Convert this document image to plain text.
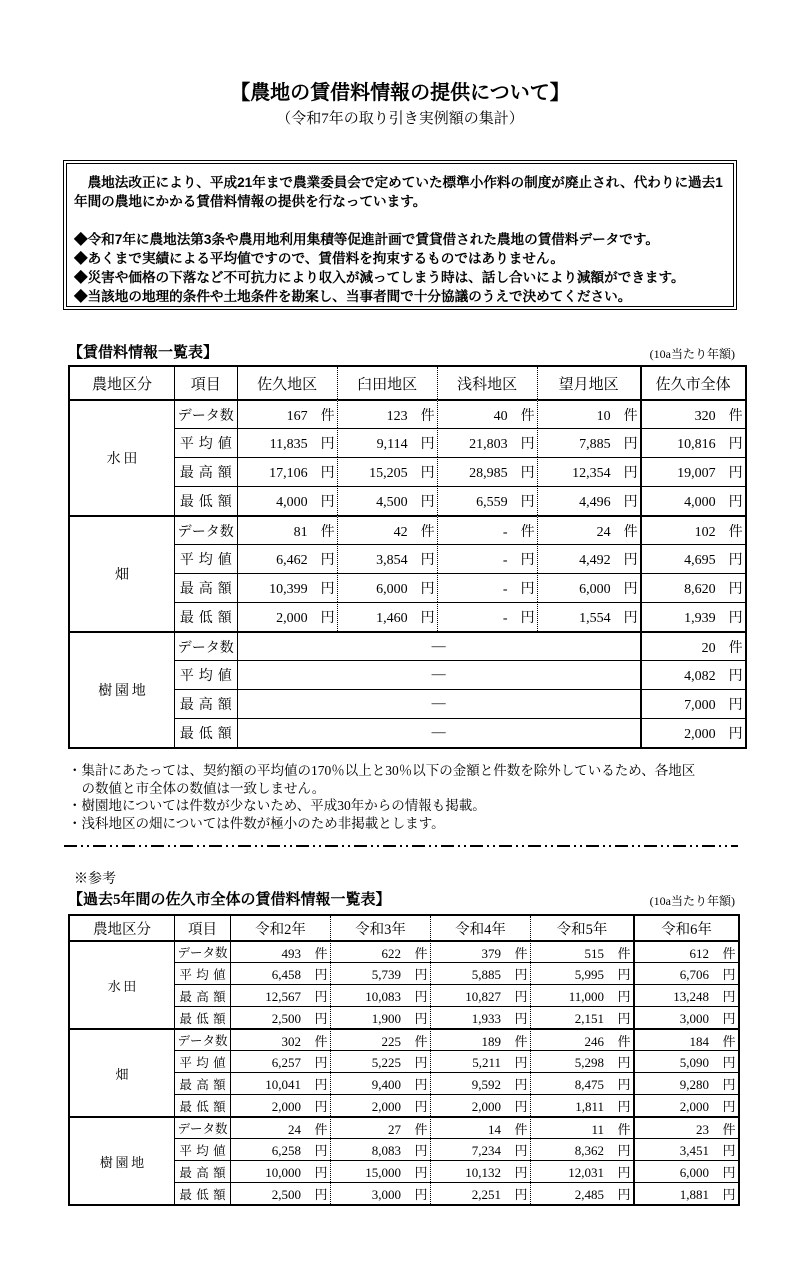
【農地の賃借料情報の提供について】
（令和7年の取り引き実例額の集計）

　農地法改正により、平成21年まで農業委員会で定めていた標準小作料の制度が廃止され、代わりに過去1年間の農地にかかる賃借料情報の提供を行なっています。

◆令和7年に農地法第3条や農用地利用集積等促進計画で賃貸借された農地の賃借料データです。
◆あくまで実績による平均値ですので、賃借料を拘束するものではありません。
◆災害や価格の下落など不可抗力により収入が減ってしまう時は、話し合いにより減額ができます。
◆当該地の地理的条件や土地条件を勘案し、当事者間で十分協議のうえで決めてください。
【賃借料情報一覧表】	(10a当たり年額)
農地区分	項目	佐久地区	臼田地区	浅科地区	望月地区	佐久市全体
水田	データ数	167 件	123 件	40 件	10 件	320 件
	平均値	11,835 円	9,114 円	21,803 円	7,885 円	10,816 円
	最高額	17,106 円	15,205 円	28,985 円	12,354 円	19,007 円
	最低額	4,000 円	4,500 円	6,559 円	4,496 円	4,000 円
畑	データ数	81 件	42 件	- 件	24 件	102 件
	平均値	6,462 円	3,854 円	- 円	4,492 円	4,695 円
	最高額	10,399 円	6,000 円	- 円	6,000 円	8,620 円
	最低額	2,000 円	1,460 円	- 円	1,554 円	1,939 円
樹園地	データ数	―				20 件
	平均値	―				4,082 円
	最高額	―				7,000 円
	最低額	―				2,000 円
・集計にあたっては、契約額の平均値の170％以上と30％以下の金額と件数を除外しているため、各地区
　の数値と市全体の数値は一致しません。
・樹園地については件数が少ないため、平成30年からの情報も掲載。
・浅科地区の畑については件数が極小のため非掲載とします。
※参考
【過去5年間の佐久市全体の賃借料情報一覧表】	(10a当たり年額)
農地区分	項目	令和2年	令和3年	令和4年	令和5年	令和6年
水田	データ数	493 件	622 件	379 件	515 件	612 件
	平均値	6,458 円	5,739 円	5,885 円	5,995 円	6,706 円
	最高額	12,567 円	10,083 円	10,827 円	11,000 円	13,248 円
	最低額	2,500 円	1,900 円	1,933 円	2,151 円	3,000 円
畑	データ数	302 件	225 件	189 件	246 件	184 件
	平均値	6,257 円	5,225 円	5,211 円	5,298 円	5,090 円
	最高額	10,041 円	9,400 円	9,592 円	8,475 円	9,280 円
	最低額	2,000 円	2,000 円	2,000 円	1,811 円	2,000 円
樹園地	データ数	24 件	27 件	14 件	11 件	23 件
	平均値	6,258 円	8,083 円	7,234 円	8,362 円	3,451 円
	最高額	10,000 円	15,000 円	10,132 円	12,031 円	6,000 円
	最低額	2,500 円	3,000 円	2,251 円	2,485 円	1,881 円
